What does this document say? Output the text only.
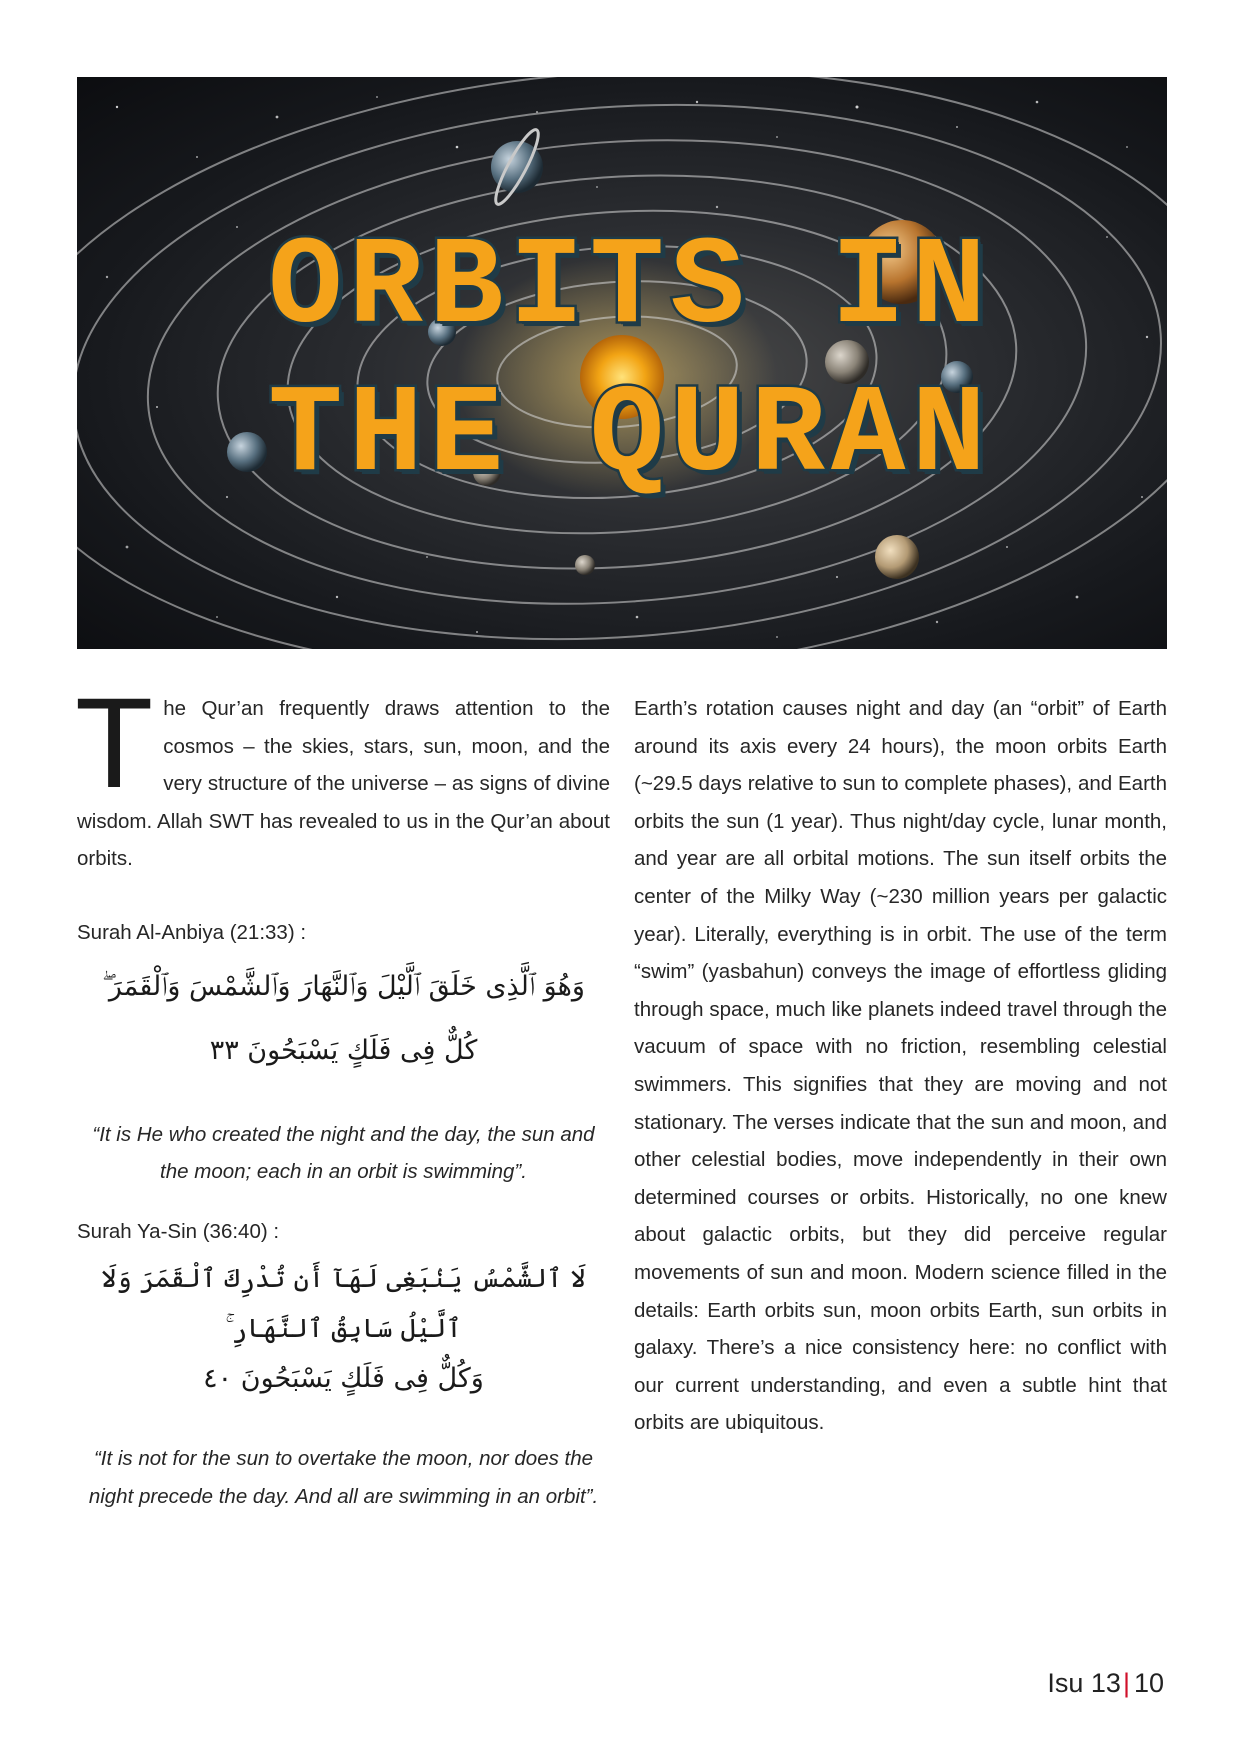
ORBITS IN
THE QURAN

The Qur’an frequently draws attention to the cosmos – the skies, stars, sun, moon, and the very structure of the universe – as signs of divine wisdom. Allah SWT has revealed to us in the Qur’an about orbits.

Surah Al-Anbiya (21:33) :

وَهُوَ ٱلَّذِى خَلَقَ ٱلَّيْلَ وَٱلنَّهَارَ وَٱلشَّمْسَ وَٱلْقَمَرَ ۖ

كُلٌّ فِى فَلَكٍ يَسْبَحُونَ ٣٣

“It is He who created the night and the day, the sun and the moon; each in an orbit is swimming”.

Surah Ya-Sin (36:40) :

لَا ٱلشَّمْسُ يَنۢبَغِى لَهَآ أَن تُدْرِكَ ٱلْقَمَرَ وَلَا ٱلَّيْلُ سَابِقُ ٱلنَّهَارِ ۚ

وَكُلٌّ فِى فَلَكٍ يَسْبَحُونَ ٤٠

“It is not for the sun to overtake the moon, nor does the night precede the day. And all are swimming in an orbit”.

Earth’s rotation causes night and day (an “orbit” of Earth around its axis every 24 hours), the moon orbits Earth (~29.5 days relative to sun to complete phases), and Earth orbits the sun (1 year). Thus night/day cycle, lunar month, and year are all orbital motions. The sun itself orbits the center of the Milky Way (~230 million years per galactic year). Literally, everything is in orbit. The use of the term “swim” (yasbahun) conveys the image of effortless gliding through space, much like planets indeed travel through the vacuum of space with no friction, resembling celestial swimmers. This signifies that they are moving and not stationary. The verses indicate that the sun and moon, and other celestial bodies, move independently in their own determined courses or orbits. Historically, no one knew about galactic orbits, but they did perceive regular movements of sun and moon. Modern science filled in the details: Earth orbits sun, moon orbits Earth, sun orbits in galaxy. There’s a nice consistency here: no conflict with our current understanding, and even a subtle hint that orbits are ubiquitous.

Isu 13| 10
